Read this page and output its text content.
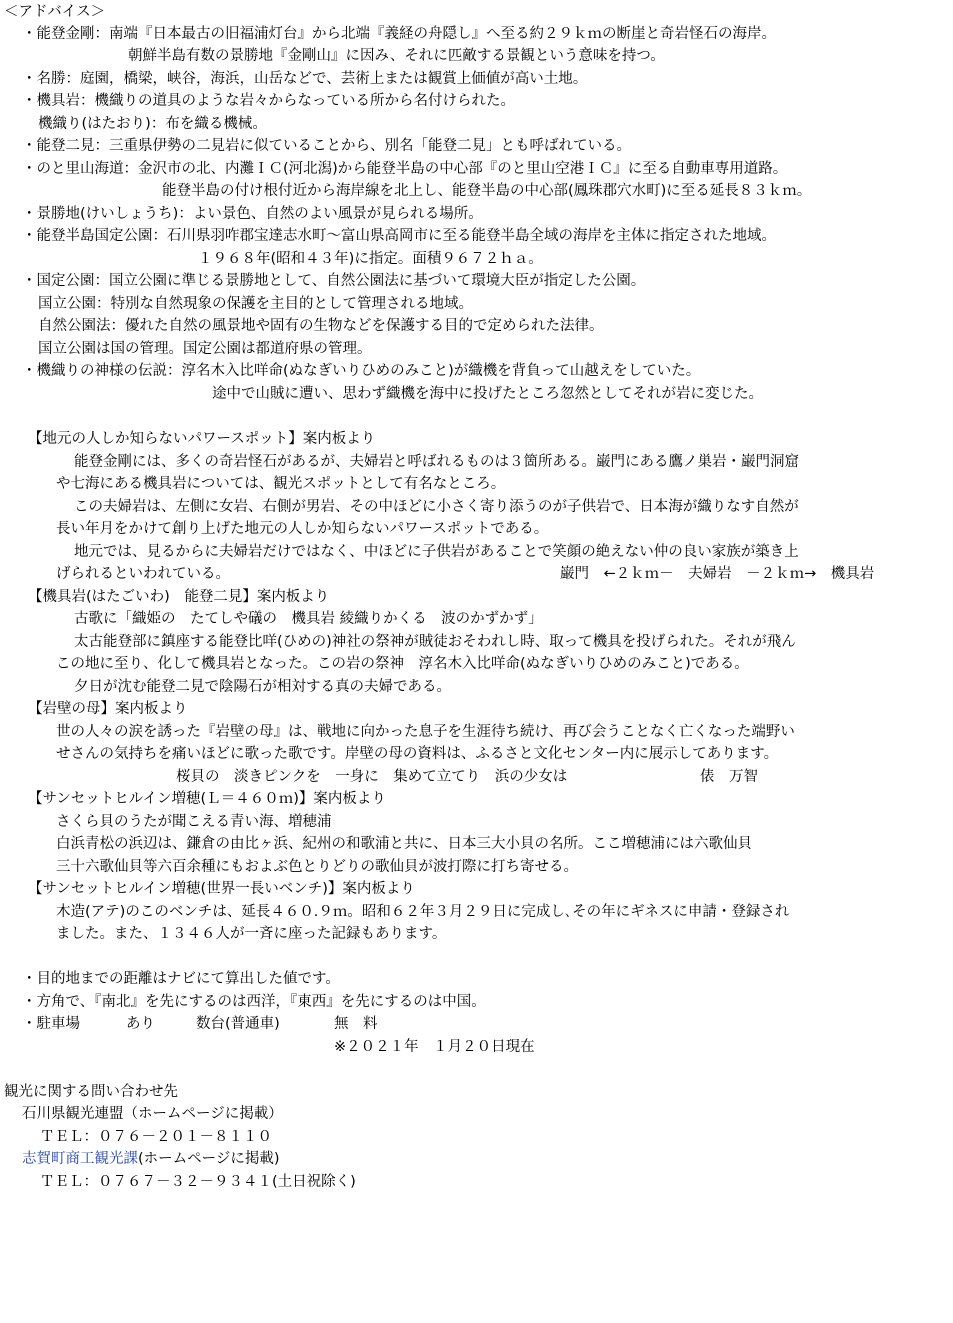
＜アドバイス＞
・能登金剛：南端『日本最古の旧福浦灯台』から北端『義経の舟隠し』へ至る約２９ｋｍの断崖と奇岩怪石の海岸。
朝鮮半島有数の景勝地『金剛山』に因み、それに匹敵する景観という意味を持つ。
・名勝：庭園，橋梁，峡谷，海浜，山岳などで、芸術上または観賞上価値が高い土地。
・機具岩：機織りの道具のような岩々からなっている所から名付けられた。
機織り(はたおり)：布を織る機械。
・能登二見：三重県伊勢の二見岩に似ていることから、別名「能登二見」とも呼ばれている。
・のと里山海道：金沢市の北、内灘ＩＣ(河北潟)から能登半島の中心部『のと里山空港ＩＣ』に至る自動車専用道路。
能登半島の付け根付近から海岸線を北上し、能登半島の中心部(鳳珠郡穴水町)に至る延長８３ｋｍ。
・景勝地(けいしょうち)：よい景色、自然のよい風景が見られる場所。
・能登半島国定公園：石川県羽咋郡宝達志水町～富山県高岡市に至る能登半島全域の海岸を主体に指定された地域。
１９６８年(昭和４３年)に指定。面積９６７２ｈａ。
・国定公園：国立公園に準じる景勝地として、自然公園法に基づいて環境大臣が指定した公園。
国立公園：特別な自然現象の保護を主目的として管理される地域。
自然公園法：優れた自然の風景地や固有の生物などを保護する目的で定められた法律。
国立公園は国の管理。国定公園は都道府県の管理。
・機織りの神様の伝説：淳名木入比咩命(ぬなぎいりひめのみこと)が織機を背負って山越えをしていた。
途中で山賊に遭い、思わず織機を海中に投げたところ忽然としてそれが岩に変じた。
【地元の人しか知らないパワースポット】案内板より
能登金剛には、多くの奇岩怪石があるが、夫婦岩と呼ばれるものは３箇所ある。巌門にある鷹ノ巣岩・巌門洞窟
や七海にある機具岩については、観光スポットとして有名なところ。
この夫婦岩は、左側に女岩、右側が男岩、その中ほどに小さく寄り添うのが子供岩で、日本海が織りなす自然が
長い年月をかけて創り上げた地元の人しか知らないパワースポットである。
地元では、見るからに夫婦岩だけではなく、中ほどに子供岩があることで笑顔の絶えない仲の良い家族が築き上
げられるといわれている。	巌門　←２ｋｍ－　夫婦岩　－２ｋｍ→　機具岩
【機具岩(はたごいわ)　能登二見】案内板より
古歌に「織姫の　たてしや礒の　機具岩 綾織りかくる　波のかずかず」
太古能登部に鎮座する能登比咩(ひめの)神社の祭神が賊徒おそわれし時、取って機具を投げられた。それが飛ん
この地に至り、化して機具岩となった。この岩の祭神　淳名木入比咩命(ぬなぎいりひめのみこと)である。
夕日が沈む能登二見で陰陽石が相対する真の夫婦である。
【岩壁の母】案内板より
世の人々の涙を誘った『岩壁の母』は、戦地に向かった息子を生涯待ち続け、再び会うことなく亡くなった端野い
せさんの気持ちを痛いほどに歌った歌です。岸壁の母の資料は、ふるさと文化センター内に展示してあります。
桜貝の　淡きピンクを　一身に　集めて立てり　浜の少女は	俵　万智
【サンセットヒルイン増穂(Ｌ＝４６０ｍ)】案内板より
さくら貝のうたが聞こえる青い海、増穂浦
白浜青松の浜辺は、鎌倉の由比ヶ浜、紀州の和歌浦と共に、日本三大小貝の名所。ここ増穂浦には六歌仙貝
三十六歌仙貝等六百余種にもおよぶ色とりどりの歌仙貝が波打際に打ち寄せる。
【サンセットヒルイン増穂(世界一長いベンチ)】案内板より
木造(アテ)のこのベンチは、延長４６０.９ｍ。昭和６２年３月２９日に完成し､その年にギネスに申請・登録され
ました。また、１３４６人が一斉に座った記録もあります。
・目的地までの距離はナビにて算出した値です。
・方角で、『南北』を先にするのは西洋，『東西』を先にするのは中国。
・駐車場	あり	数台(普通車)	無　料
※２０２１年　１月２０日現在
観光に関する問い合わせ先
石川県観光連盟（ホームページに掲載）
ＴＥＬ：０７６－２０１－８１１０
志賀町商工観光課(ホームページに掲載)
ＴＥＬ：０７６７－３２－９３４１(土日祝除く)
